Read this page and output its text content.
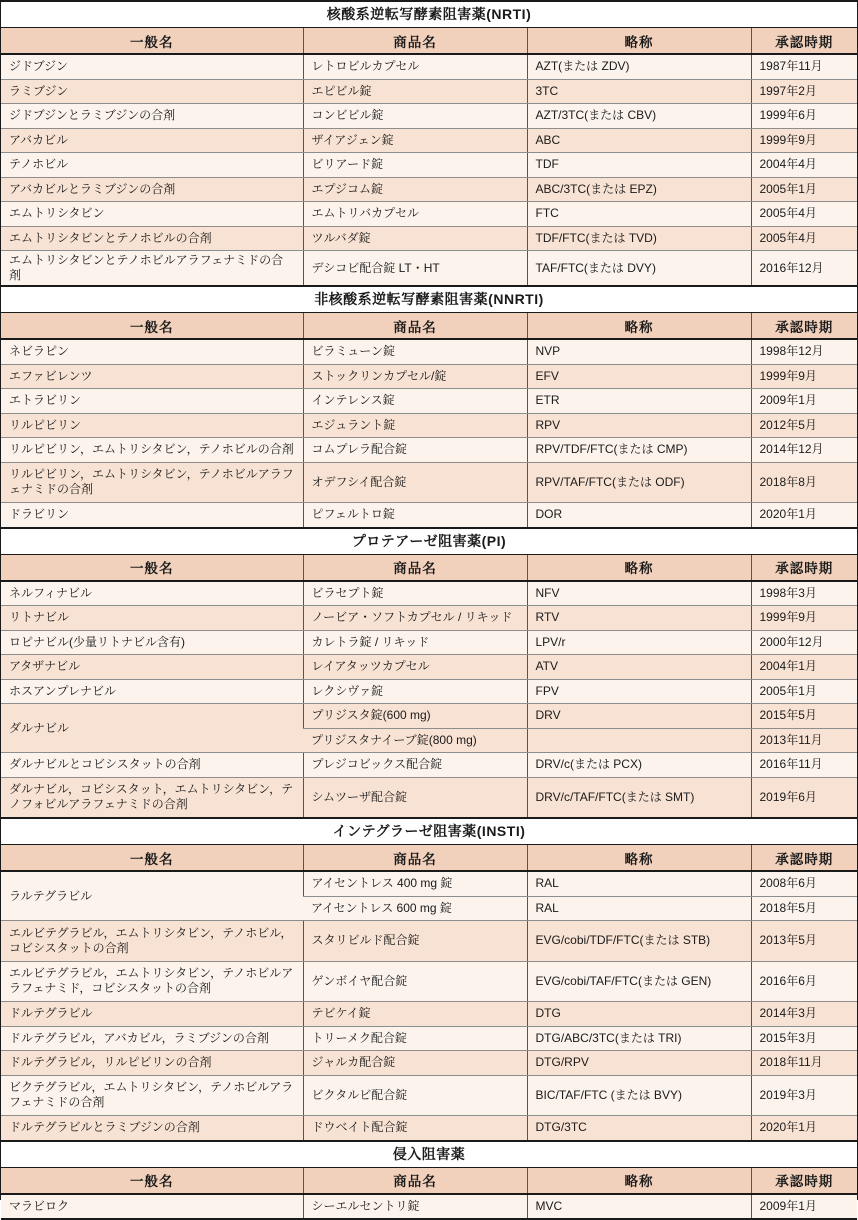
核酸系逆転写酵素阻害薬(NRTI)
一般名	商品名	略称	承認時期
ジドブジン	レトロビルカプセル	AZT(または ZDV)	1987年11月
ラミブジン	エピビル錠	3TC	1997年2月
ジドブジンとラミブジンの合剤	コンビビル錠	AZT/3TC(または CBV)	1999年6月
アバカビル	ザイアジェン錠	ABC	1999年9月
テノホビル	ビリアード錠	TDF	2004年4月
アバカビルとラミブジンの合剤	エプジコム錠	ABC/3TC(または EPZ)	2005年1月
エムトリシタビン	エムトリバカプセル	FTC	2005年4月
エムトリシタビンとテノホビルの合剤	ツルバダ錠	TDF/FTC(または TVD)	2005年4月
エムトリシタビンとテノホビルアラフェナミドの合剤	デシコビ配合錠 LT・HT	TAF/FTC(または DVY)	2016年12月
非核酸系逆転写酵素阻害薬(NNRTI)
一般名	商品名	略称	承認時期
ネビラピン	ビラミューン錠	NVP	1998年12月
エファビレンツ	ストックリンカプセル/錠	EFV	1999年9月
エトラビリン	インテレンス錠	ETR	2009年1月
リルピビリン	エジュラント錠	RPV	2012年5月
リルピビリン，エムトリシタビン，テノホビルの合剤	コムプレラ配合錠	RPV/TDF/FTC(または CMP)	2014年12月
リルピビリン，エムトリシタビン，テノホビルアラフェナミドの合剤	オデフシイ配合錠	RPV/TAF/FTC(または ODF)	2018年8月
ドラビリン	ピフェルトロ錠	DOR	2020年1月
プロテアーゼ阻害薬(PI)
一般名	商品名	略称	承認時期
ネルフィナビル	ビラセプト錠	NFV	1998年3月
リトナビル	ノービア・ソフトカプセル / リキッド	RTV	1999年9月
ロピナビル(少量リトナビル含有)	カレトラ錠 / リキッド	LPV/r	2000年12月
アタザナビル	レイアタッツカプセル	ATV	2004年1月
ホスアンプレナビル	レクシヴァ錠	FPV	2005年1月
ダルナビル	プリジスタ錠(600 mg)	DRV	2015年5月
	プリジスタナイーブ錠(800 mg)		2013年11月
ダルナビルとコビシスタットの合剤	プレジコビックス配合錠	DRV/c(または PCX)	2016年11月
ダルナビル，コビシスタット，エムトリシタビン，テノフォビルアラフェナミドの合剤	シムツーザ配合錠	DRV/c/TAF/FTC(または SMT)	2019年6月
インテグラーゼ阻害薬(INSTI)
一般名	商品名	略称	承認時期
ラルテグラビル	アイセントレス 400 mg 錠	RAL	2008年6月
	アイセントレス 600 mg 錠	RAL	2018年5月
エルビテグラビル，エムトリシタビン，テノホビル，コビシスタットの合剤	スタリビルド配合錠	EVG/cobi/TDF/FTC(または STB)	2013年5月
エルビテグラビル，エムトリシタビン，テノホビルアラフェナミド，コビシスタットの合剤	ゲンボイヤ配合錠	EVG/cobi/TAF/FTC(または GEN)	2016年6月
ドルテグラビル	テビケイ錠	DTG	2014年3月
ドルテグラビル，アバカビル，ラミブジンの合剤	トリーメク配合錠	DTG/ABC/3TC(または TRI)	2015年3月
ドルテグラビル，リルピビリンの合剤	ジャルカ配合錠	DTG/RPV	2018年11月
ビクテグラビル，エムトリシタビン，テノホビルアラフェナミドの合剤	ビクタルビ配合錠	BIC/TAF/FTC (または BVY)	2019年3月
ドルテグラビルとラミブジンの合剤	ドウベイト配合錠	DTG/3TC	2020年1月
侵入阻害薬
一般名	商品名	略称	承認時期
マラビロク	シーエルセントリ錠	MVC	2009年1月
